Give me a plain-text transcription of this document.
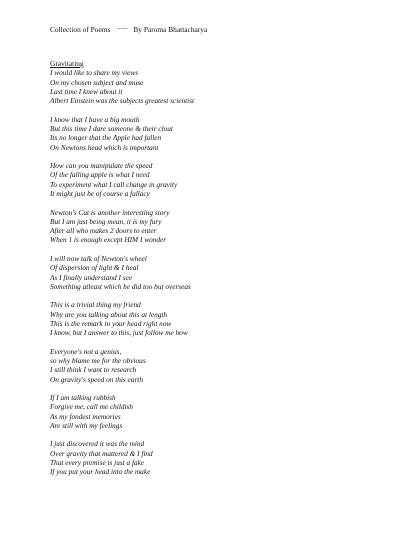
Collection of Poems ------ By Paroma Bhattacharya
Gravitating
I would like to share my views
On my chosen subject and muse
Last time I knew about it
Albert Einstein was the subjects greatest scientist
I know that I have a big mouth
But this time I dare someone & their clout
Its no longer that the Apple had fallen
On Newtons head which is important
How can you manipulate the speed
Of the falling apple is what I need
To experiment what I call change in gravity
It might just be of course a fallacy
Newton's Cat is another interesting story
But I am just being mean, it is my fury
After all who makes 2 doors to enter
When 1 is enough except HIM I wonder
I will now talk of Newton's wheel
Of dispersion of light & I heal
As I finally understand I see
Something atleast which he did too but overseas
This is a trivial thing my friend
Why are you talking about this at length
This is the remark in your head right now
I know, but I answer to this, just follow me how
Everyone's not a genius,
so why blame me for the obvious
I still think I want to research
On gravity's speed on this earth
If I am talking rubbish
Forgive me, call me childish
As my fondest memories
Are still with my feelings
I just discovered it was the mind
Over gravity that mattered & I find
That every premise is just a fake
If you put your head into the make
